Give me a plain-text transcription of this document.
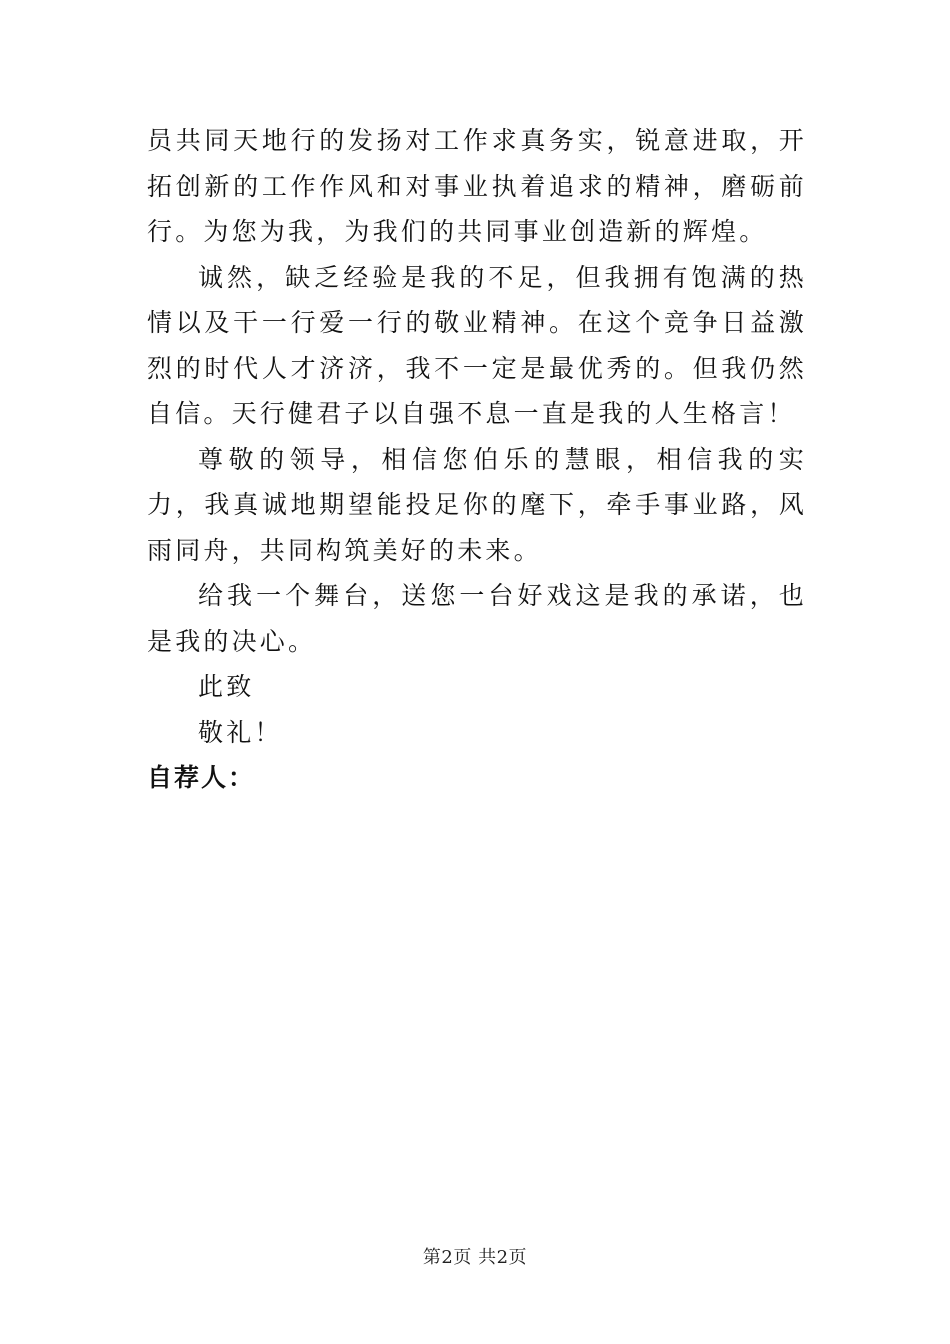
员共同天地行的发扬对工作求真务实，锐意进取，开拓创新的工作作风和对事业执着追求的精神，磨砺前行。为您为我，为我们的共同事业创造新的辉煌。

诚然，缺乏经验是我的不足，但我拥有饱满的热情以及干一行爱一行的敬业精神。在这个竞争日益激烈的时代人才济济，我不一定是最优秀的。但我仍然自信。天行健君子以自强不息一直是我的人生格言！

尊敬的领导，相信您伯乐的慧眼，相信我的实力，我真诚地期望能投足你的麾下，牵手事业路，风雨同舟，共同构筑美好的未来。

给我一个舞台，送您一台好戏这是我的承诺，也是我的决心。

此致

敬礼！

自荐人：

第2页 共2页
